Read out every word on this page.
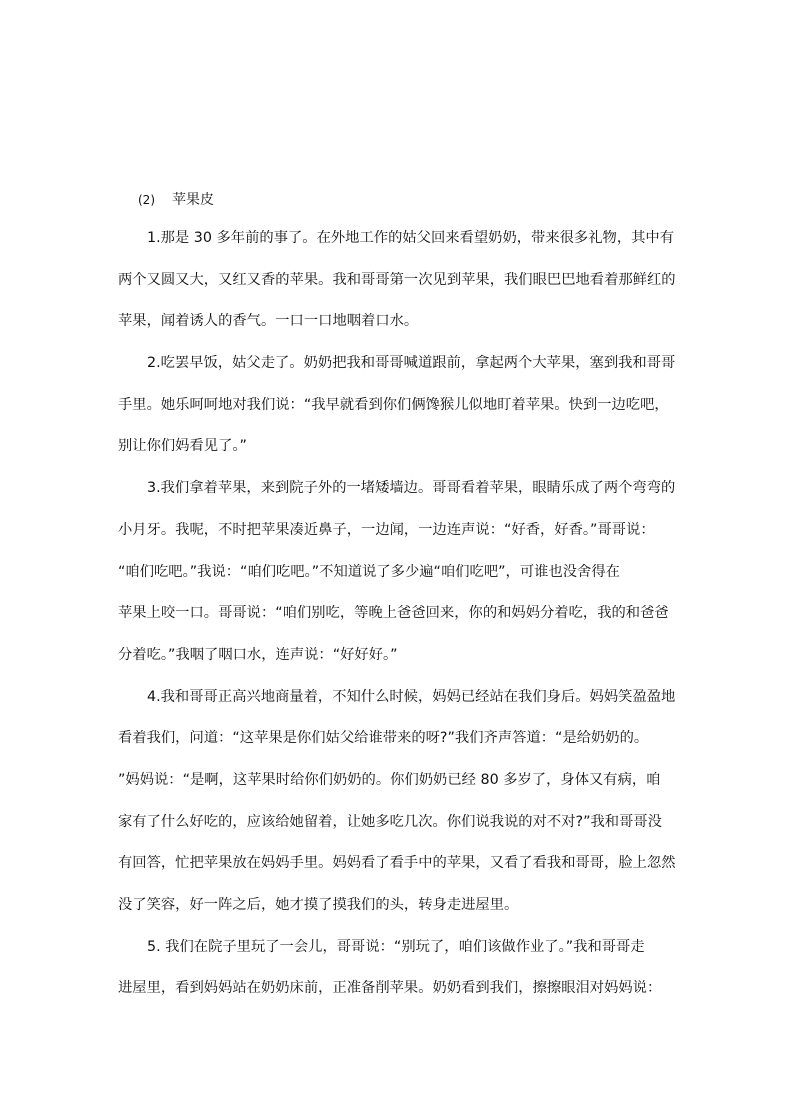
(2) 苹果皮
1.那是 30 多年前的事了。在外地工作的姑父回来看望奶奶，带来很多礼物，其中有
两个又圆又大，又红又香的苹果。我和哥哥第一次见到苹果，我们眼巴巴地看着那鲜红的
苹果，闻着诱人的香气。一口一口地咽着口水。
2.吃罢早饭，姑父走了。奶奶把我和哥哥喊道跟前，拿起两个大苹果，塞到我和哥哥
手里。她乐呵呵地对我们说：“我早就看到你们俩馋猴儿似地盯着苹果。快到一边吃吧，
别让你们妈看见了。”
3.我们拿着苹果，来到院子外的一堵矮墙边。哥哥看着苹果，眼睛乐成了两个弯弯的
小月牙。我呢，不时把苹果凑近鼻子，一边闻，一边连声说：“好香，好香。”哥哥说：
“咱们吃吧。”我说：“咱们吃吧。”不知道说了多少遍“咱们吃吧”，可谁也没舍得在
苹果上咬一口。哥哥说：“咱们别吃，等晚上爸爸回来，你的和妈妈分着吃，我的和爸爸
分着吃。”我咽了咽口水，连声说：“好好好。”
4.我和哥哥正高兴地商量着，不知什么时候，妈妈已经站在我们身后。妈妈笑盈盈地
看着我们，问道：“这苹果是你们姑父给谁带来的呀?”我们齐声答道：“是给奶奶的。
”妈妈说：“是啊，这苹果时给你们奶奶的。你们奶奶已经 80 多岁了，身体又有病，咱
家有了什么好吃的，应该给她留着，让她多吃几次。你们说我说的对不对?”我和哥哥没
有回答，忙把苹果放在妈妈手里。妈妈看了看手中的苹果，又看了看我和哥哥，脸上忽然
没了笑容，好一阵之后，她才摸了摸我们的头，转身走进屋里。
5. 我们在院子里玩了一会儿，哥哥说：“别玩了，咱们该做作业了。”我和哥哥走
进屋里，看到妈妈站在奶奶床前，正准备削苹果。奶奶看到我们，擦擦眼泪对妈妈说：
